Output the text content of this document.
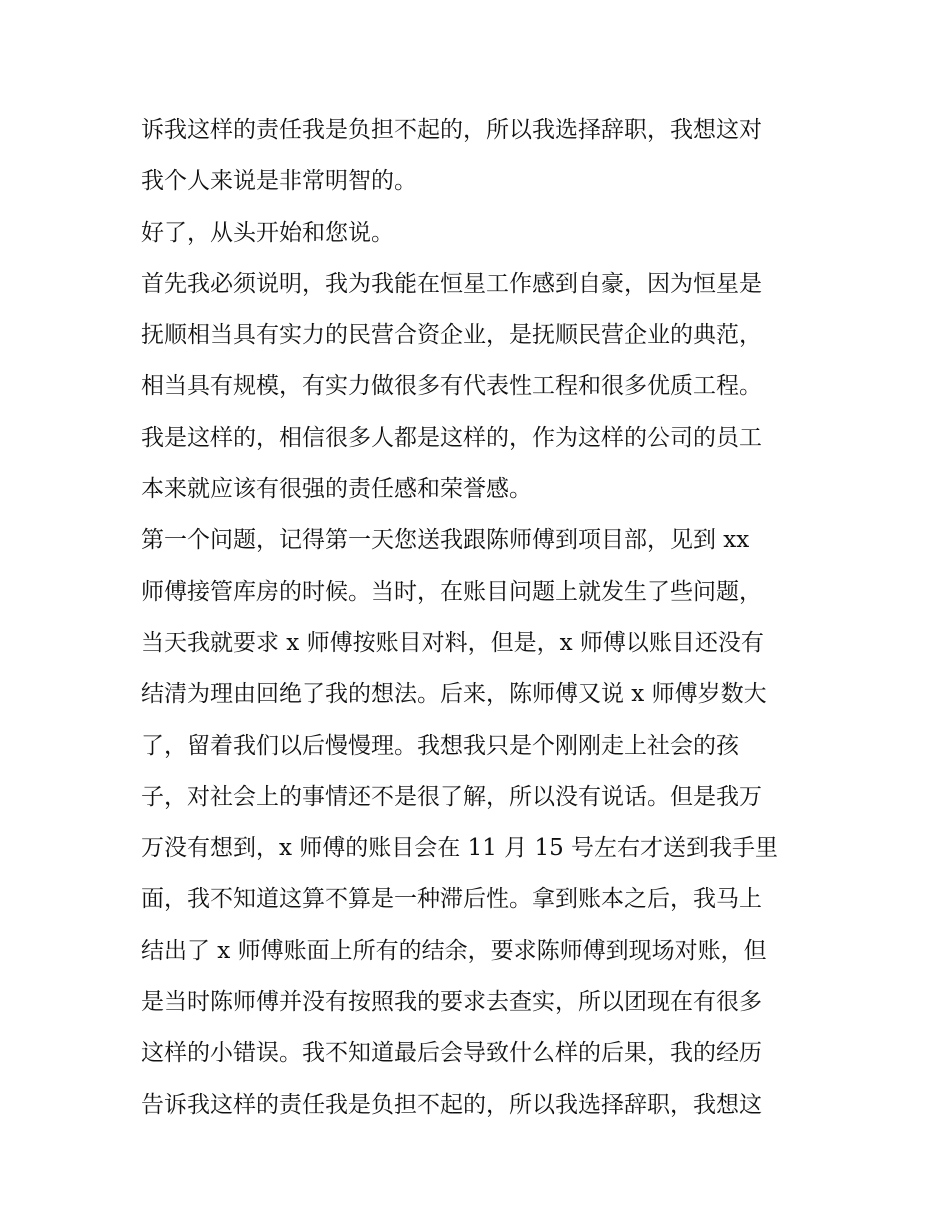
诉我这样的责任我是负担不起的，所以我选择辞职，我想这对
我个人来说是非常明智的。
好了，从头开始和您说。
首先我必须说明，我为我能在恒星工作感到自豪，因为恒星是
抚顺相当具有实力的民营合资企业，是抚顺民营企业的典范，
相当具有规模，有实力做很多有代表性工程和很多优质工程。
我是这样的，相信很多人都是这样的，作为这样的公司的员工
本来就应该有很强的责任感和荣誉感。
第一个问题，记得第一天您送我跟陈师傅到项目部，见到 xx
师傅接管库房的时候。当时，在账目问题上就发生了些问题，
当天我就要求 x 师傅按账目对料，但是，x 师傅以账目还没有
结清为理由回绝了我的想法。后来，陈师傅又说 x 师傅岁数大
了，留着我们以后慢慢理。我想我只是个刚刚走上社会的孩
子，对社会上的事情还不是很了解，所以没有说话。但是我万
万没有想到，x 师傅的账目会在 11 月 15 号左右才送到我手里
面，我不知道这算不算是一种滞后性。拿到账本之后，我马上
结出了 x 师傅账面上所有的结余，要求陈师傅到现场对账，但
是当时陈师傅并没有按照我的要求去查实，所以团现在有很多
这样的小错误。我不知道最后会导致什么样的后果，我的经历
告诉我这样的责任我是负担不起的，所以我选择辞职，我想这
